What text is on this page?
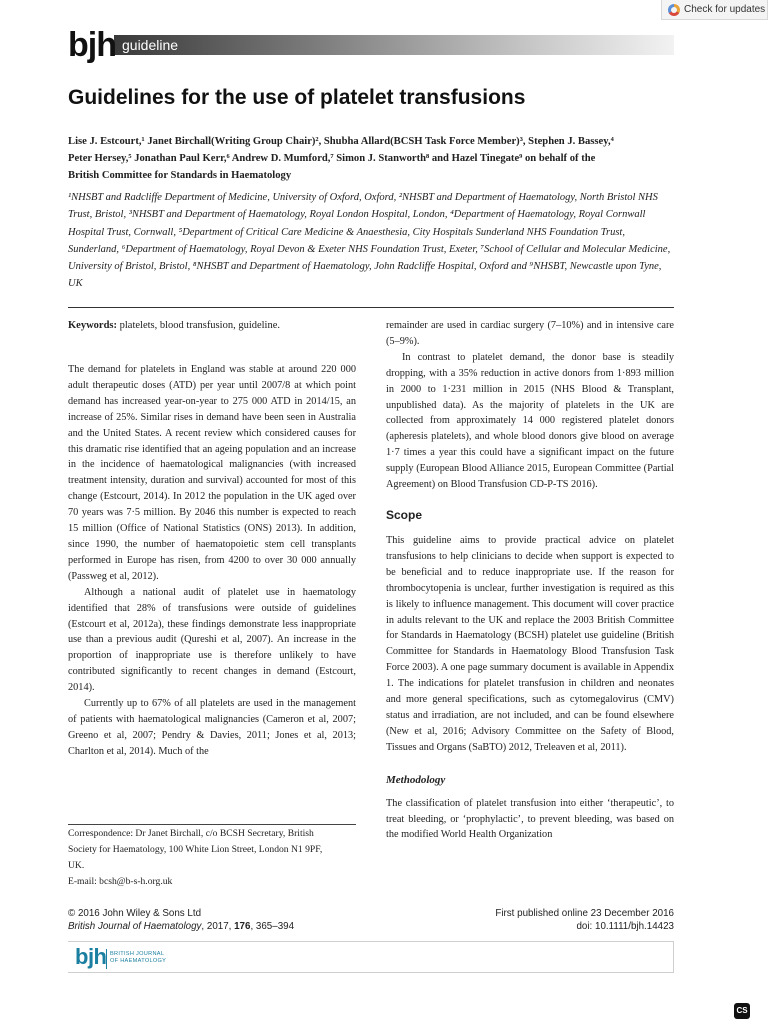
Check for updates
bjh guideline
Guidelines for the use of platelet transfusions
Lise J. Estcourt,¹ Janet Birchall(Writing Group Chair)², Shubha Allard(BCSH Task Force Member)³, Stephen J. Bassey,⁴
Peter Hersey,⁵ Jonathan Paul Kerr,⁶ Andrew D. Mumford,⁷ Simon J. Stanworth⁸ and Hazel Tinegate⁹ on behalf of the
British Committee for Standards in Haematology

¹NHSBT and Radcliffe Department of Medicine, University of Oxford, Oxford, ²NHSBT and Department of Haematology, North Bristol NHS Trust, Bristol, ³NHSBT and Department of Haematology, Royal London Hospital, London, ⁴Department of Haematology, Royal Cornwall Hospital Trust, Cornwall, ⁵Department of Critical Care Medicine & Anaesthesia, City Hospitals Sunderland NHS Foundation Trust, Sunderland, ⁶Department of Haematology, Royal Devon & Exeter NHS Foundation Trust, Exeter, ⁷School of Cellular and Molecular Medicine, University of Bristol, Bristol, ⁸NHSBT and Department of Haematology, John Radcliffe Hospital, Oxford and ⁹NHSBT, Newcastle upon Tyne, UK

Keywords: platelets, blood transfusion, guideline.

The demand for platelets in England was stable at around 220 000 adult therapeutic doses (ATD) per year until 2007/8 at which point demand has increased year-on-year to 275 000 ATD in 2014/15, an increase of 25%. Similar rises in demand have been seen in Australia and the United States. A recent review which considered causes for this dramatic rise identified that an ageing population and an increase in the incidence of haematological malignancies (with increased treatment intensity, duration and survival) accounted for most of this change (Estcourt, 2014). In 2012 the population in the UK aged over 70 years was 7·5 million. By 2046 this number is expected to reach 15 million (Office of National Statistics (ONS) 2013). In addition, since 1990, the number of haematopoietic stem cell transplants performed in Europe has risen, from 4200 to over 30 000 annually (Passweg et al, 2012).

Although a national audit of platelet use in haematology identified that 28% of transfusions were outside of guidelines (Estcourt et al, 2012a), these findings demonstrate less inappropriate use than a previous audit (Qureshi et al, 2007). An increase in the proportion of inappropriate use is therefore unlikely to have contributed significantly to recent changes in demand (Estcourt, 2014).

Currently up to 67% of all platelets are used in the management of patients with haematological malignancies (Cameron et al, 2007; Greeno et al, 2007; Pendry & Davies, 2011; Jones et al, 2013; Charlton et al, 2014). Much of the

remainder are used in cardiac surgery (7–10%) and in intensive care (5–9%).

In contrast to platelet demand, the donor base is steadily dropping, with a 35% reduction in active donors from 1·893 million in 2000 to 1·231 million in 2015 (NHS Blood & Transplant, unpublished data). As the majority of platelets in the UK are collected from approximately 14 000 registered platelet donors (apheresis platelets), and whole blood donors give blood on average 1·7 times a year this could have a significant impact on the future supply (European Blood Alliance 2015, European Committee (Partial Agreement) on Blood Transfusion CD-P-TS 2016).

Scope

This guideline aims to provide practical advice on platelet transfusions to help clinicians to decide when support is expected to be beneficial and to reduce inappropriate use. If the reason for thrombocytopenia is unclear, further investigation is required as this is likely to influence management. This document will cover practice in adults relevant to the UK and replace the 2003 British Committee for Standards in Haematology (BCSH) platelet use guideline (British Committee for Standards in Haematology Blood Transfusion Task Force 2003). A one page summary document is available in Appendix 1. The indications for platelet transfusion in children and neonates and more general specifications, such as cytomegalovirus (CMV) status and irradiation, are not included, and can be found elsewhere (New et al, 2016; Advisory Committee on the Safety of Blood, Tissues and Organs (SaBTO) 2012, Treleaven et al, 2011).

Methodology

The classification of platelet transfusion into either ‘therapeutic’, to treat bleeding, or ‘prophylactic’, to prevent bleeding, was based on the modified World Health Organization

Correspondence: Dr Janet Birchall, c/o BCSH Secretary, British
Society for Haematology, 100 White Lion Street, London N1 9PF,
UK.
E-mail: bcsh@b-s-h.org.uk
© 2016 John Wiley & Sons Ltd
British Journal of Haematology, 2017, 176, 365–394
First published online 23 December 2016
doi: 10.1111/bjh.14423
bjh BRITISH JOURNAL
OF HAEMATOLOGY
CS
